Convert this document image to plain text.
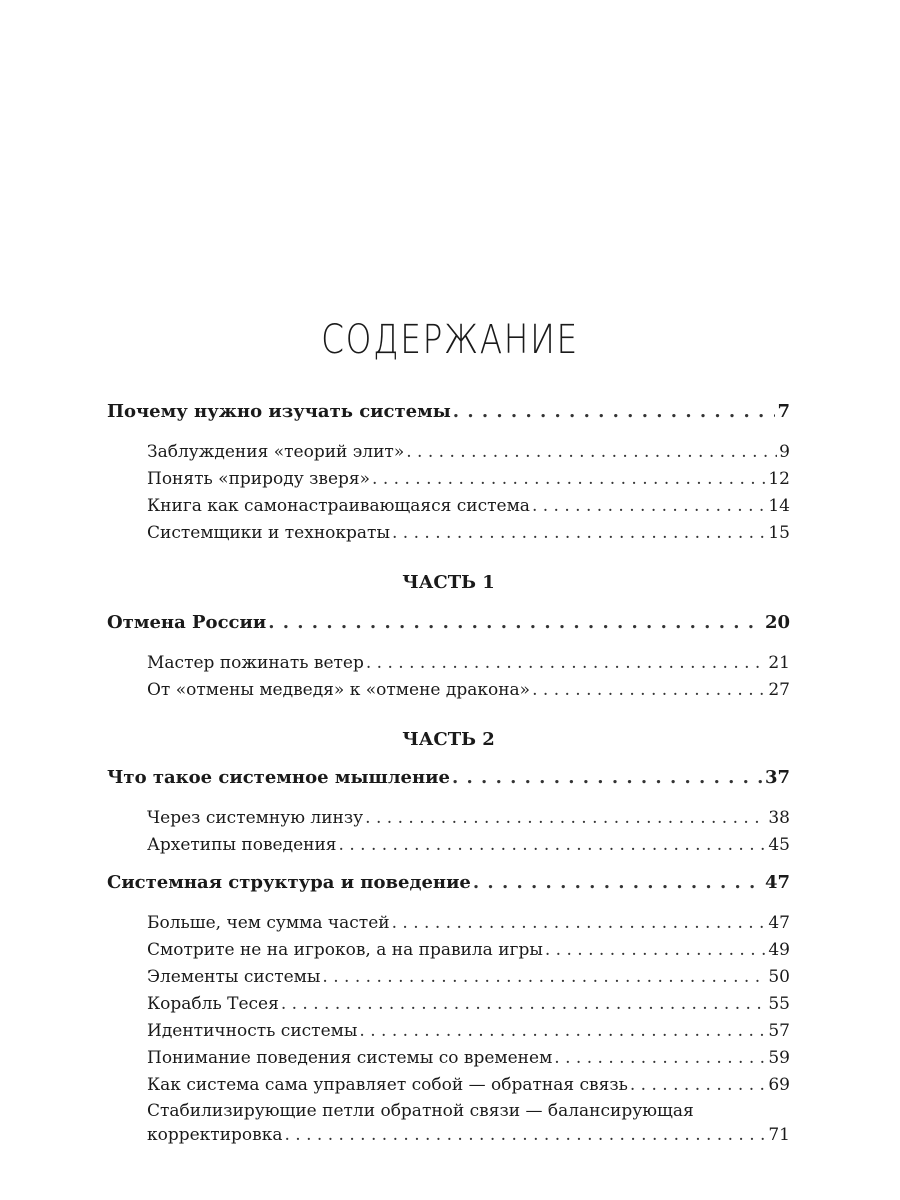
СОДЕРЖАНИЕ
Почему нужно изучать системы . . .	7
Заблуждения «теорий элит» . . .	9
Понять «природу зверя» . . .	12
Книга как самонастраивающаяся система . . .	14
Системщики и технократы . . .	15
ЧАСТЬ 1
Отмена России . . .	20
Мастер пожинать ветер . . .	21
От «отмены медведя» к «отмене дракона» . . .	27
ЧАСТЬ 2
Что такое системное мышление . . .	37
Через системную линзу . . .	38
Архетипы поведения . . .	45
Системная структура и поведение . . .	47
Больше, чем сумма частей . . .	47
Смотрите не на игроков, а на правила игры . . .	49
Элементы системы . . .	50
Корабль Тесея . . .	55
Идентичность системы . . .	57
Понимание поведения системы со временем . . .	59
Как система сама управляет собой — обратная связь . . .	69
Стабилизирующие петли обратной связи — балансирующая
корректировка . . .	71
